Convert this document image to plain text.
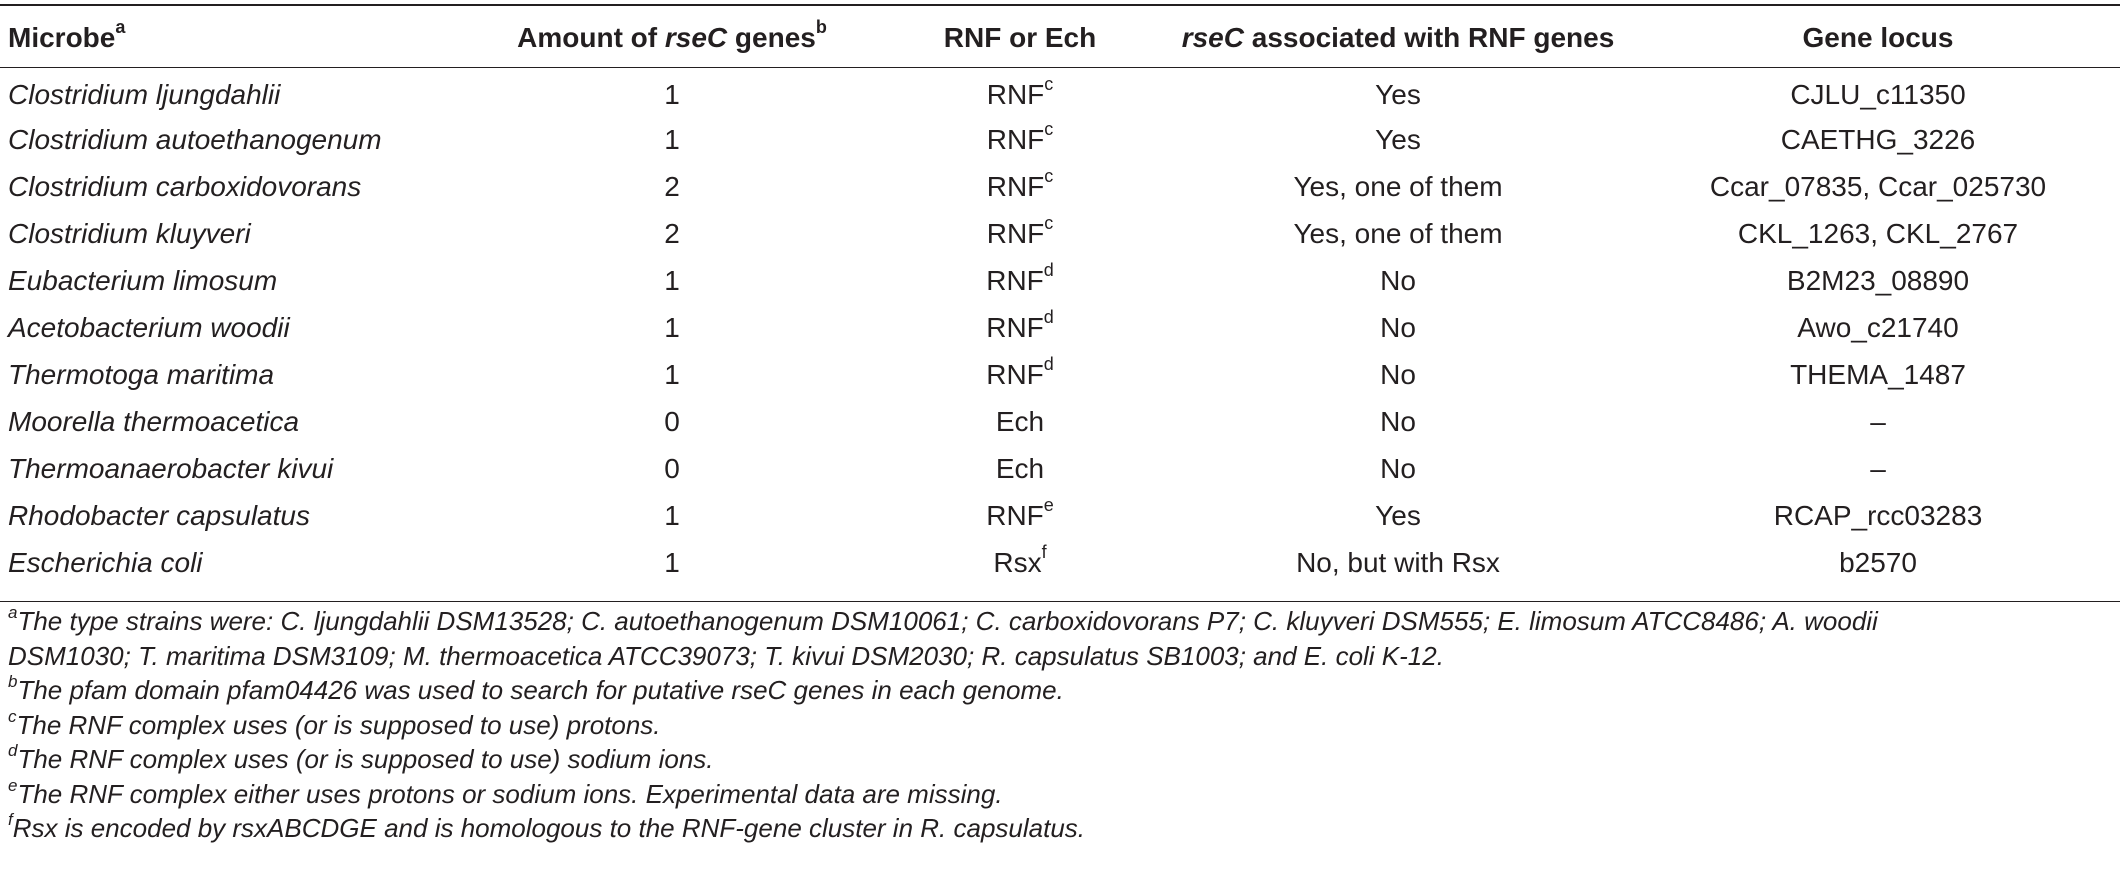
Microbe$^a$	Amount of rseC genes$^b$	RNF or Ech	rseC associated with RNF genes	Gene locus
Clostridium ljungdahlii	1	RNF$^c$	Yes	CJLU_c11350
Clostridium autoethanogenum	1	RNF$^c$	Yes	CAETHG_3226
Clostridium carboxidovorans	2	RNF$^c$	Yes, one of them	Ccar_07835, Ccar_025730
Clostridium kluyveri	2	RNF$^c$	Yes, one of them	CKL_1263, CKL_2767
Eubacterium limosum	1	RNF$^d$	No	B2M23_08890
Acetobacterium woodii	1	RNF$^d$	No	Awo_c21740
Thermotoga maritima	1	RNF$^d$	No	THEMA_1487
Moorella thermoacetica	0	Ech	No	–
Thermoanaerobacter kivui	0	Ech	No	–
Rhodobacter capsulatus	1	RNF$^e$	Yes	RCAP_rcc03283
Escherichia coli	1	Rsx$^f$	No, but with Rsx	b2570

$^a$The type strains were: C. ljungdahlii DSM13528; C. autoethanogenum DSM10061; C. carboxidovorans P7; C. kluyveri DSM555; E. limosum ATCC8486; A. woodii

DSM1030; T. maritima DSM3109; M. thermoacetica ATCC39073; T. kivui DSM2030; R. capsulatus SB1003; and E. coli K-12.

$^b$The pfam domain pfam04426 was used to search for putative rseC genes in each genome.

$^c$The RNF complex uses (or is supposed to use) protons.

$^d$The RNF complex uses (or is supposed to use) sodium ions.

$^e$The RNF complex either uses protons or sodium ions. Experimental data are missing.

$^f$Rsx is encoded by rsxABCDGE and is homologous to the RNF-gene cluster in R. capsulatus.
